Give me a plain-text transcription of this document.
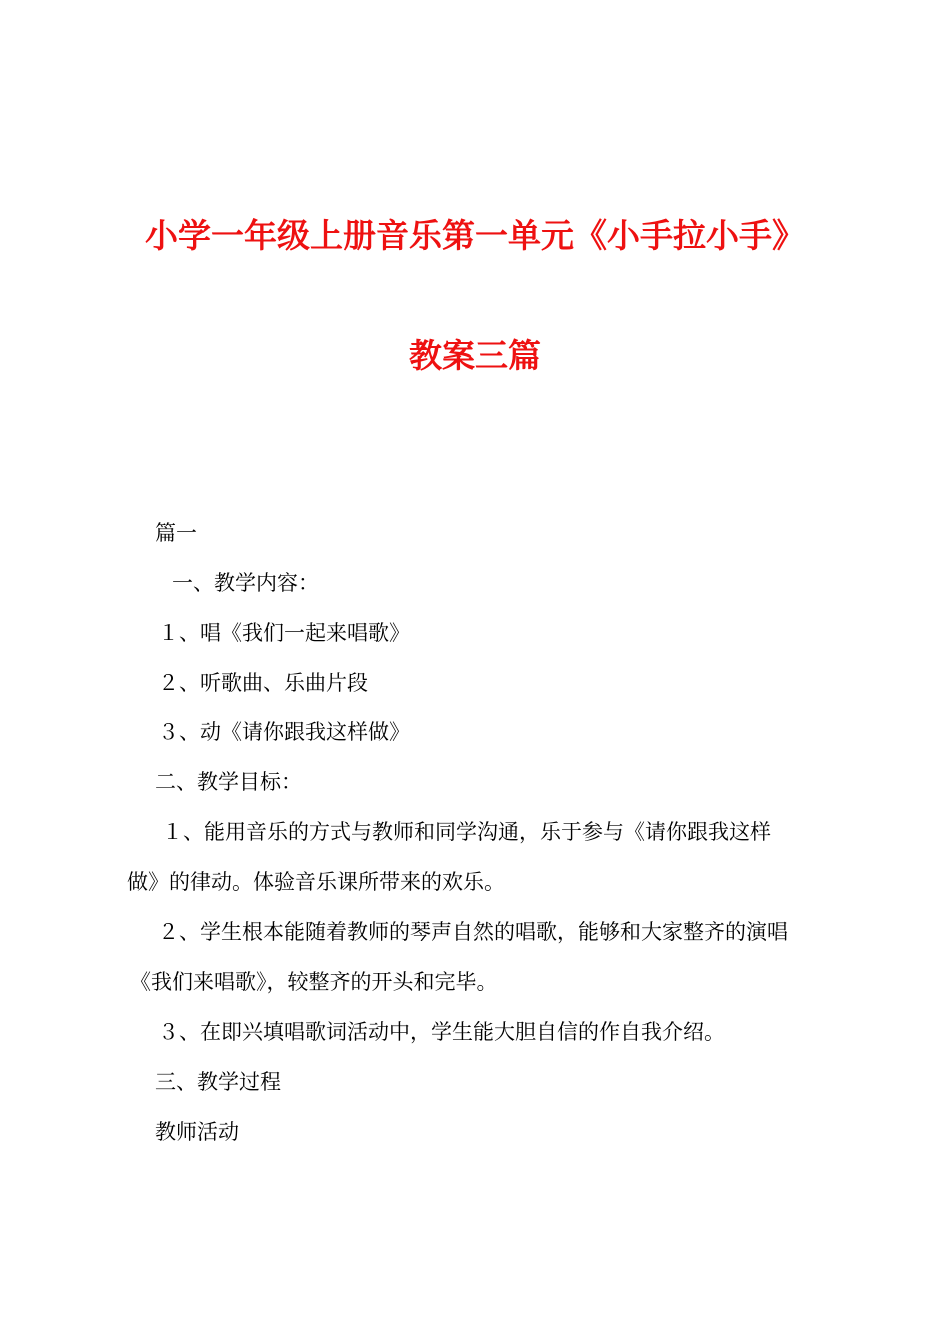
小学一年级上册音乐第一单元《小手拉小手》
教案三篇
篇一
一、教学内容：
１、唱《我们一起来唱歌》
２、听歌曲、乐曲片段
３、动《请你跟我这样做》
二、教学目标：
１、能用音乐的方式与教师和同学沟通，乐于参与《请你跟我这样
做》的律动。体验音乐课所带来的欢乐。
２、学生根本能随着教师的琴声自然的唱歌，能够和大家整齐的演唱
《我们来唱歌》，较整齐的开头和完毕。
３、在即兴填唱歌词活动中，学生能大胆自信的作自我介绍。
三、教学过程
教师活动
